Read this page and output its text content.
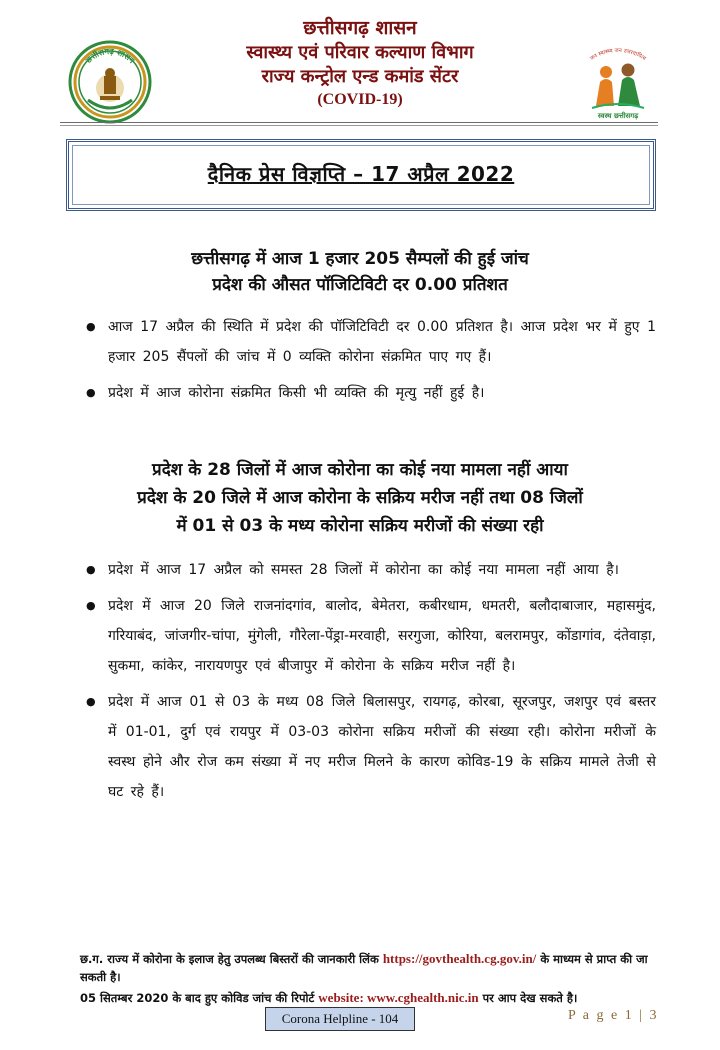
छत्तीसगढ़ शासन
छत्तीसगढ़ शासन
स्वास्थ्य एवं परिवार कल्याण विभाग
राज्य कन्ट्रोल एन्ड कमांड सेंटर
(COVID-19)
जन स्वास्थ्य जन उत्तरदायित्व
स्वस्थ छत्तीसगढ़
दैनिक प्रेस विज्ञप्ति – 17 अप्रैल 2022
छत्तीसगढ़ में आज 1 हजार 205 सैम्पलों की हुई जांच
प्रदेश की औसत पॉजिटिविटी दर 0.00 प्रतिशत
● आज 17 अप्रैल की स्थिति में प्रदेश की पॉजिटिविटी दर 0.00 प्रतिशत है। आज प्रदेश भर में हुए 1 हजार 205 सैंपलों की जांच में 0 व्यक्ति कोरोना संक्रमित पाए गए हैं।
● प्रदेश में आज कोरोना संक्रमित किसी भी व्यक्ति की मृत्यु नहीं हुई है।
प्रदेश के 28 जिलों में आज कोरोना का कोई नया मामला नहीं आया
प्रदेश के 20 जिले में आज कोरोना के सक्रिय मरीज नहीं तथा 08 जिलों
में 01 से 03 के मध्य कोरोना सक्रिय मरीजों की संख्या रही
● प्रदेश में आज 17 अप्रैल को समस्त 28 जिलों में कोरोना का कोई नया मामला नहीं आया है।
● प्रदेश में आज 20 जिले राजनांदगांव, बालोद, बेमेतरा, कबीरधाम, धमतरी, बलौदाबाजार, महासमुंद, गरियाबंद, जांजगीर-चांपा, मुंगेली, गौरेला-पेंड्रा-मरवाही, सरगुजा, कोरिया, बलरामपुर, कोंडागांव, दंतेवाड़ा, सुकमा, कांकेर, नारायणपुर एवं बीजापुर में कोरोना के सक्रिय मरीज नहीं है।
● प्रदेश में आज 01 से 03 के मध्य 08 जिले बिलासपुर, रायगढ़, कोरबा, सूरजपुर, जशपुर एवं बस्तर में 01-01, दुर्ग एवं रायपुर में 03-03 कोरोना सक्रिय मरीजों की संख्या रही। कोरोना मरीजों के स्वस्थ होने और रोज कम संख्या में नए मरीज मिलने के कारण कोविड-19 के सक्रिय मामले तेजी से घट रहे हैं।
छ.ग. राज्य में कोरोना के इलाज हेतु उपलब्ध बिस्तरों की जानकारी लिंक https://govthealth.cg.gov.in/ के माध्यम से प्राप्त की जा सकती है।
05 सितम्बर 2020 के बाद हुए कोविड जांच की रिपोर्ट website: www.cghealth.nic.in पर आप देख सकते है।
Corona Helpline - 104	P a g e 1 | 3
